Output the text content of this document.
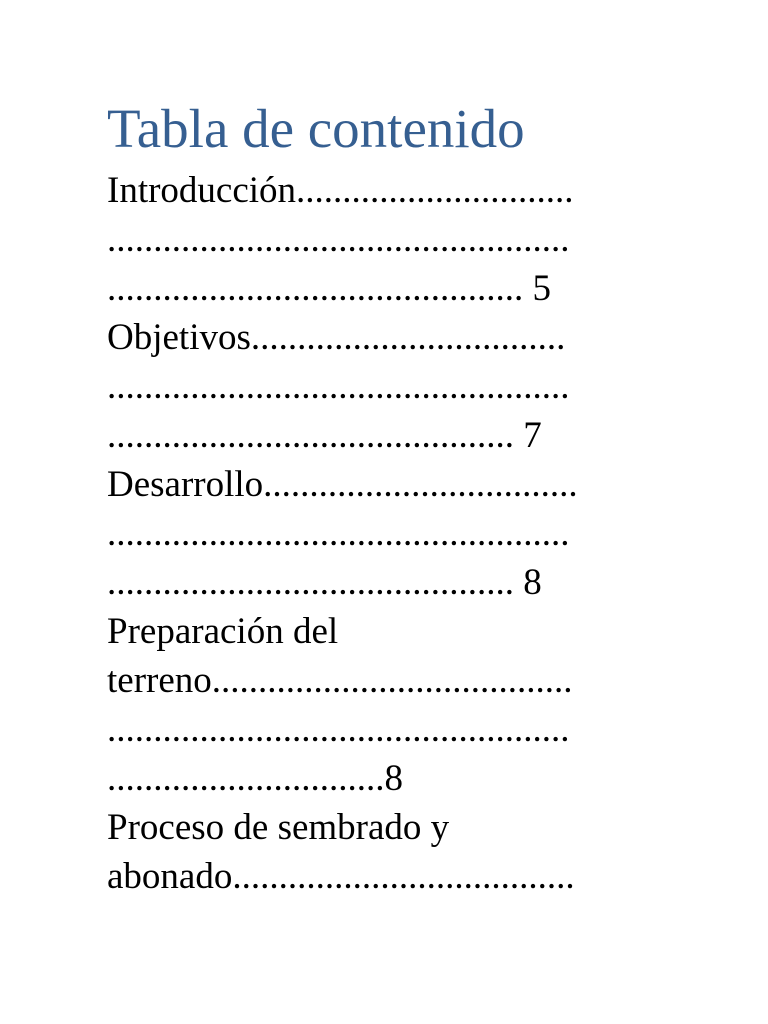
Tabla de contenido

Introducción..............................

..................................................

............................................. 5

Objetivos..................................

..................................................

............................................ 7

Desarrollo..................................

..................................................

............................................ 8

Preparación del

terreno.......................................

..................................................

..............................8

Proceso de sembrado y

abonado.....................................
